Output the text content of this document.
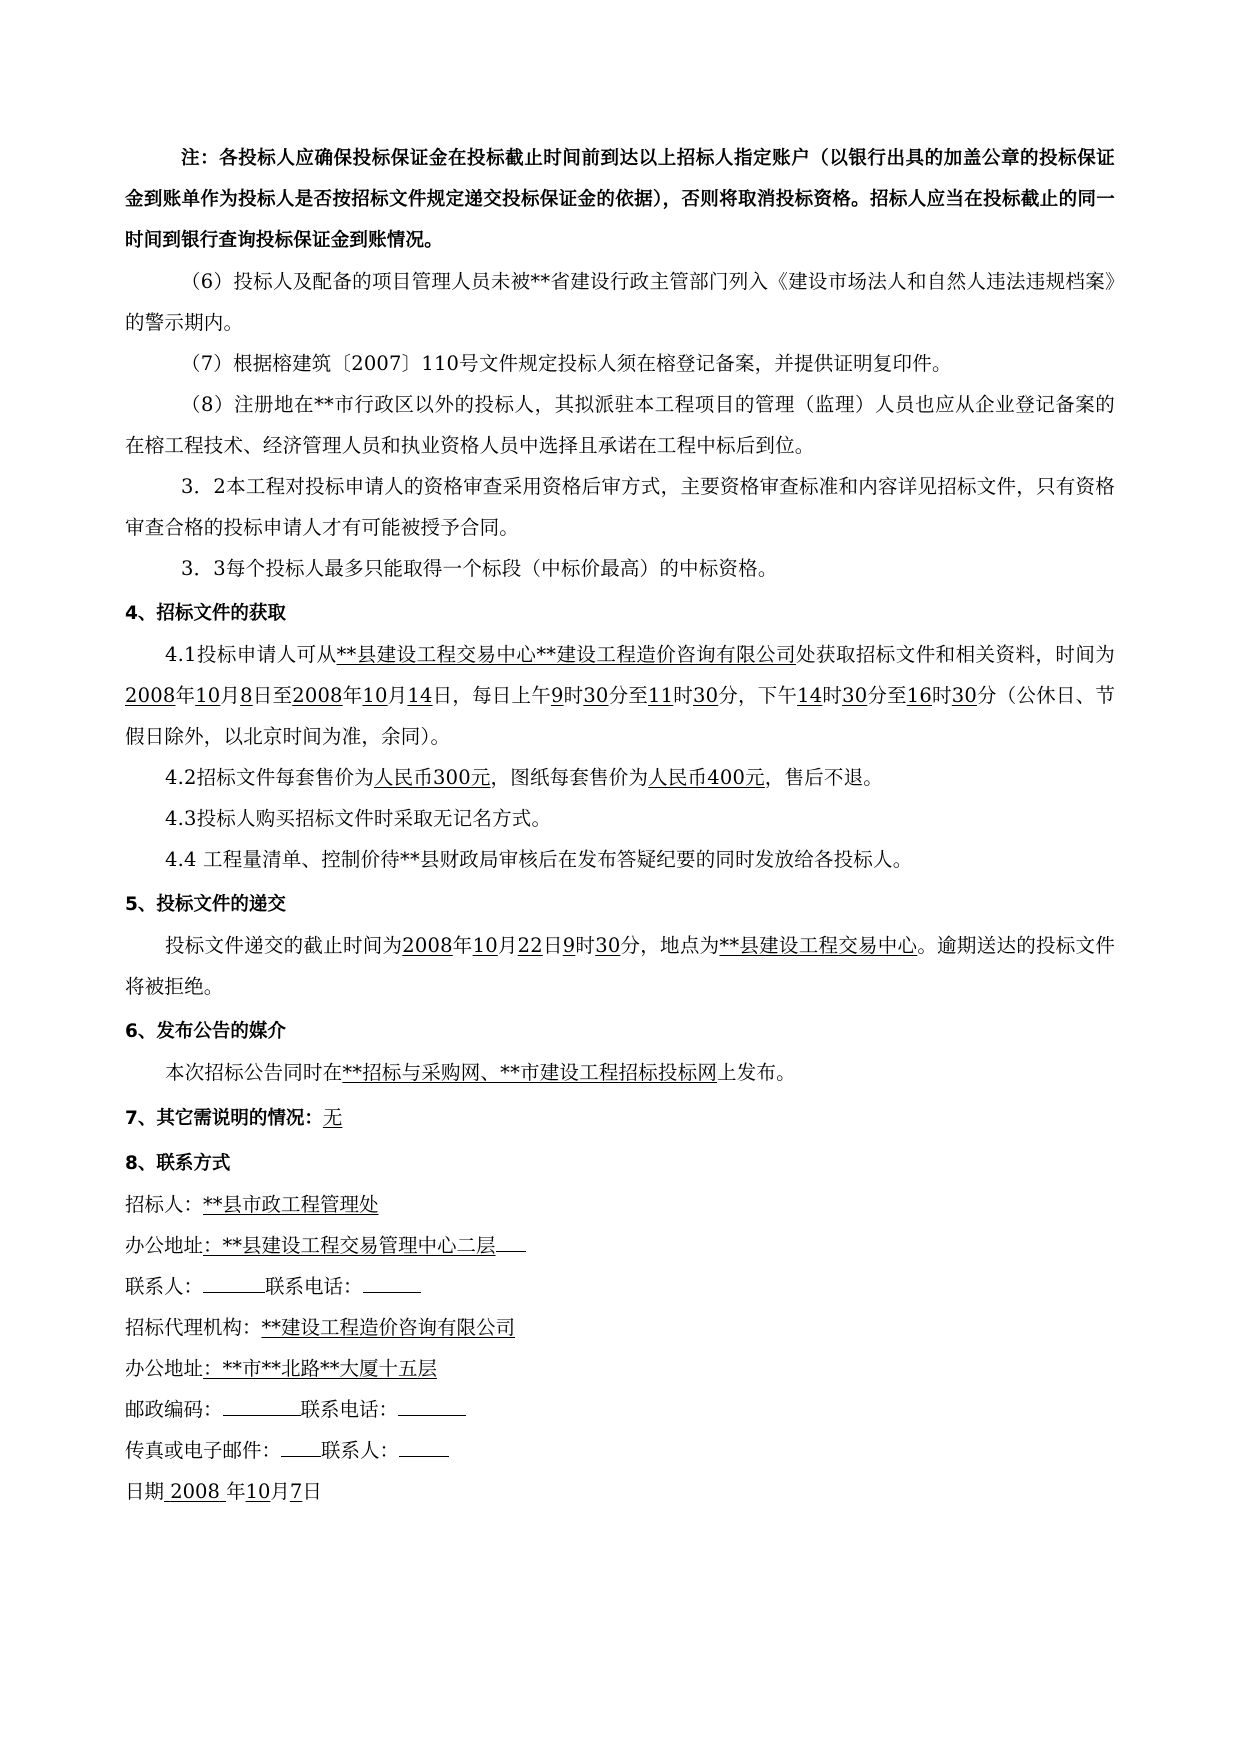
注：各投标人应确保投标保证金在投标截止时间前到达以上招标人指定账户（以银行出具的加盖公章的投标保证金到账单作为投标人是否按招标文件规定递交投标保证金的依据），否则将取消投标资格。招标人应当在投标截止的同一时间到银行查询投标保证金到账情况。

（6）投标人及配备的项目管理人员未被**省建设行政主管部门列入《建设市场法人和自然人违法违规档案》的警示期内。

（7）根据榕建筑〔2007〕110号文件规定投标人须在榕登记备案，并提供证明复印件。

（8）注册地在**市行政区以外的投标人，其拟派驻本工程项目的管理（监理）人员也应从企业登记备案的在榕工程技术、经济管理人员和执业资格人员中选择且承诺在工程中标后到位。

3．2本工程对投标申请人的资格审查采用资格后审方式，主要资格审查标准和内容详见招标文件，只有资格审查合格的投标申请人才有可能被授予合同。

3．3每个投标人最多只能取得一个标段（中标价最高）的中标资格。

4、招标文件的获取

4.1投标申请人可从**县建设工程交易中心**建设工程造价咨询有限公司处获取招标文件和相关资料，时间为2008年10月8日至2008年10月14日，每日上午9时30分至11时30分，下午14时30分至16时30分（公休日、节假日除外，以北京时间为准，余同）。

4.2招标文件每套售价为人民币300元，图纸每套售价为人民币400元，售后不退。

4.3投标人购买招标文件时采取无记名方式。

4.4 工程量清单、控制价待**县财政局审核后在发布答疑纪要的同时发放给各投标人。

5、投标文件的递交

投标文件递交的截止时间为2008年10月22日9时30分，地点为**县建设工程交易中心。逾期送达的投标文件将被拒绝。

6、发布公告的媒介

本次招标公告同时在**招标与采购网、**市建设工程招标投标网上发布。

7、其它需说明的情况：无

8、联系方式

招标人：**县市政工程管理处

办公地址：**县建设工程交易管理中心二层

联系人：	联系电话：

招标代理机构：**建设工程造价咨询有限公司

办公地址：**市**北路**大厦十五层

邮政编码：	联系电话：

传真或电子邮件： 联系人：

日期 2008 年10月7日
